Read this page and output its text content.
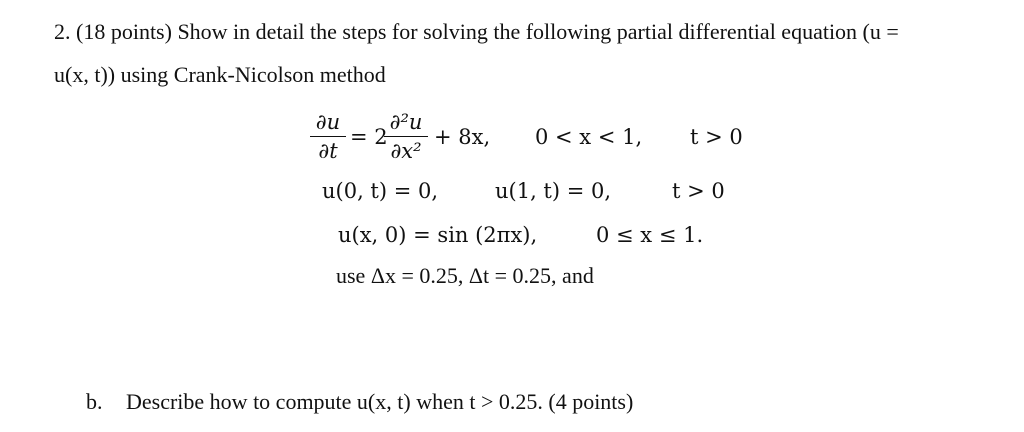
2. (18 points) Show in detail the steps for solving the following partial differential equation (u =
u(x, t)) using Crank-Nicolson method
∂u
∂t
= 2
∂²u
∂x²
+ 8x, 0 < x < 1, t > 0
u(0, t) = 0,	u(1, t) = 0,	t > 0
u(x, 0) = sin (2πx),	0 ≤ x ≤ 1.
use Δx = 0.25, Δt = 0.25, and
b. Describe how to compute u(x, t) when t > 0.25. (4 points)
